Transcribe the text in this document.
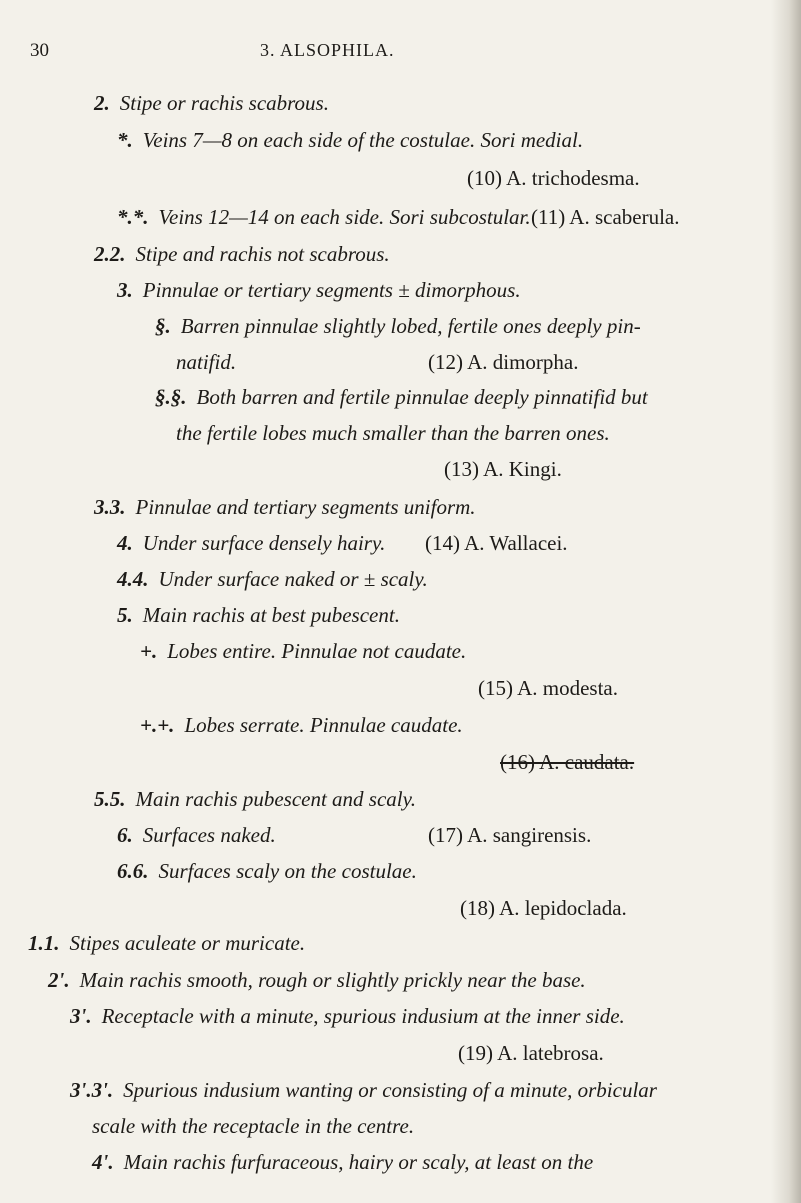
30	3. ALSOPHILA.
2. Stipe or rachis scabrous.
*. Veins 7—8 on each side of the costulae. Sori medial.
(10) A. trichodesma.
*.*. Veins 12—14 on each side. Sori subcostular. (11) A. scaberula.
2.2. Stipe and rachis not scabrous.
3. Pinnulae or tertiary segments ± dimorphous.
§. Barren pinnulae slightly lobed, fertile ones deeply pin-
natifid.	(12) A. dimorpha.
§.§. Both barren and fertile pinnulae deeply pinnatifid but
the fertile lobes much smaller than the barren ones.
(13) A. Kingi.
3.3. Pinnulae and tertiary segments uniform.
4. Under surface densely hairy. (14) A. Wallacei.
4.4. Under surface naked or ± scaly.
5. Main rachis at best pubescent.
+. Lobes entire. Pinnulae not caudate.
(15) A. modesta.
+.+. Lobes serrate. Pinnulae caudate.
(16) A. caudata.
5.5. Main rachis pubescent and scaly.
6. Surfaces naked.	(17) A. sangirensis.
6.6. Surfaces scaly on the costulae.
(18) A. lepidoclada.
1.1. Stipes aculeate or muricate.
2'. Main rachis smooth, rough or slightly prickly near the base.
3'. Receptacle with a minute, spurious indusium at the inner side.
(19) A. latebrosa.
3'.3'. Spurious indusium wanting or consisting of a minute, orbicular
scale with the receptacle in the centre.
4'. Main rachis furfuraceous, hairy or scaly, at least on the
